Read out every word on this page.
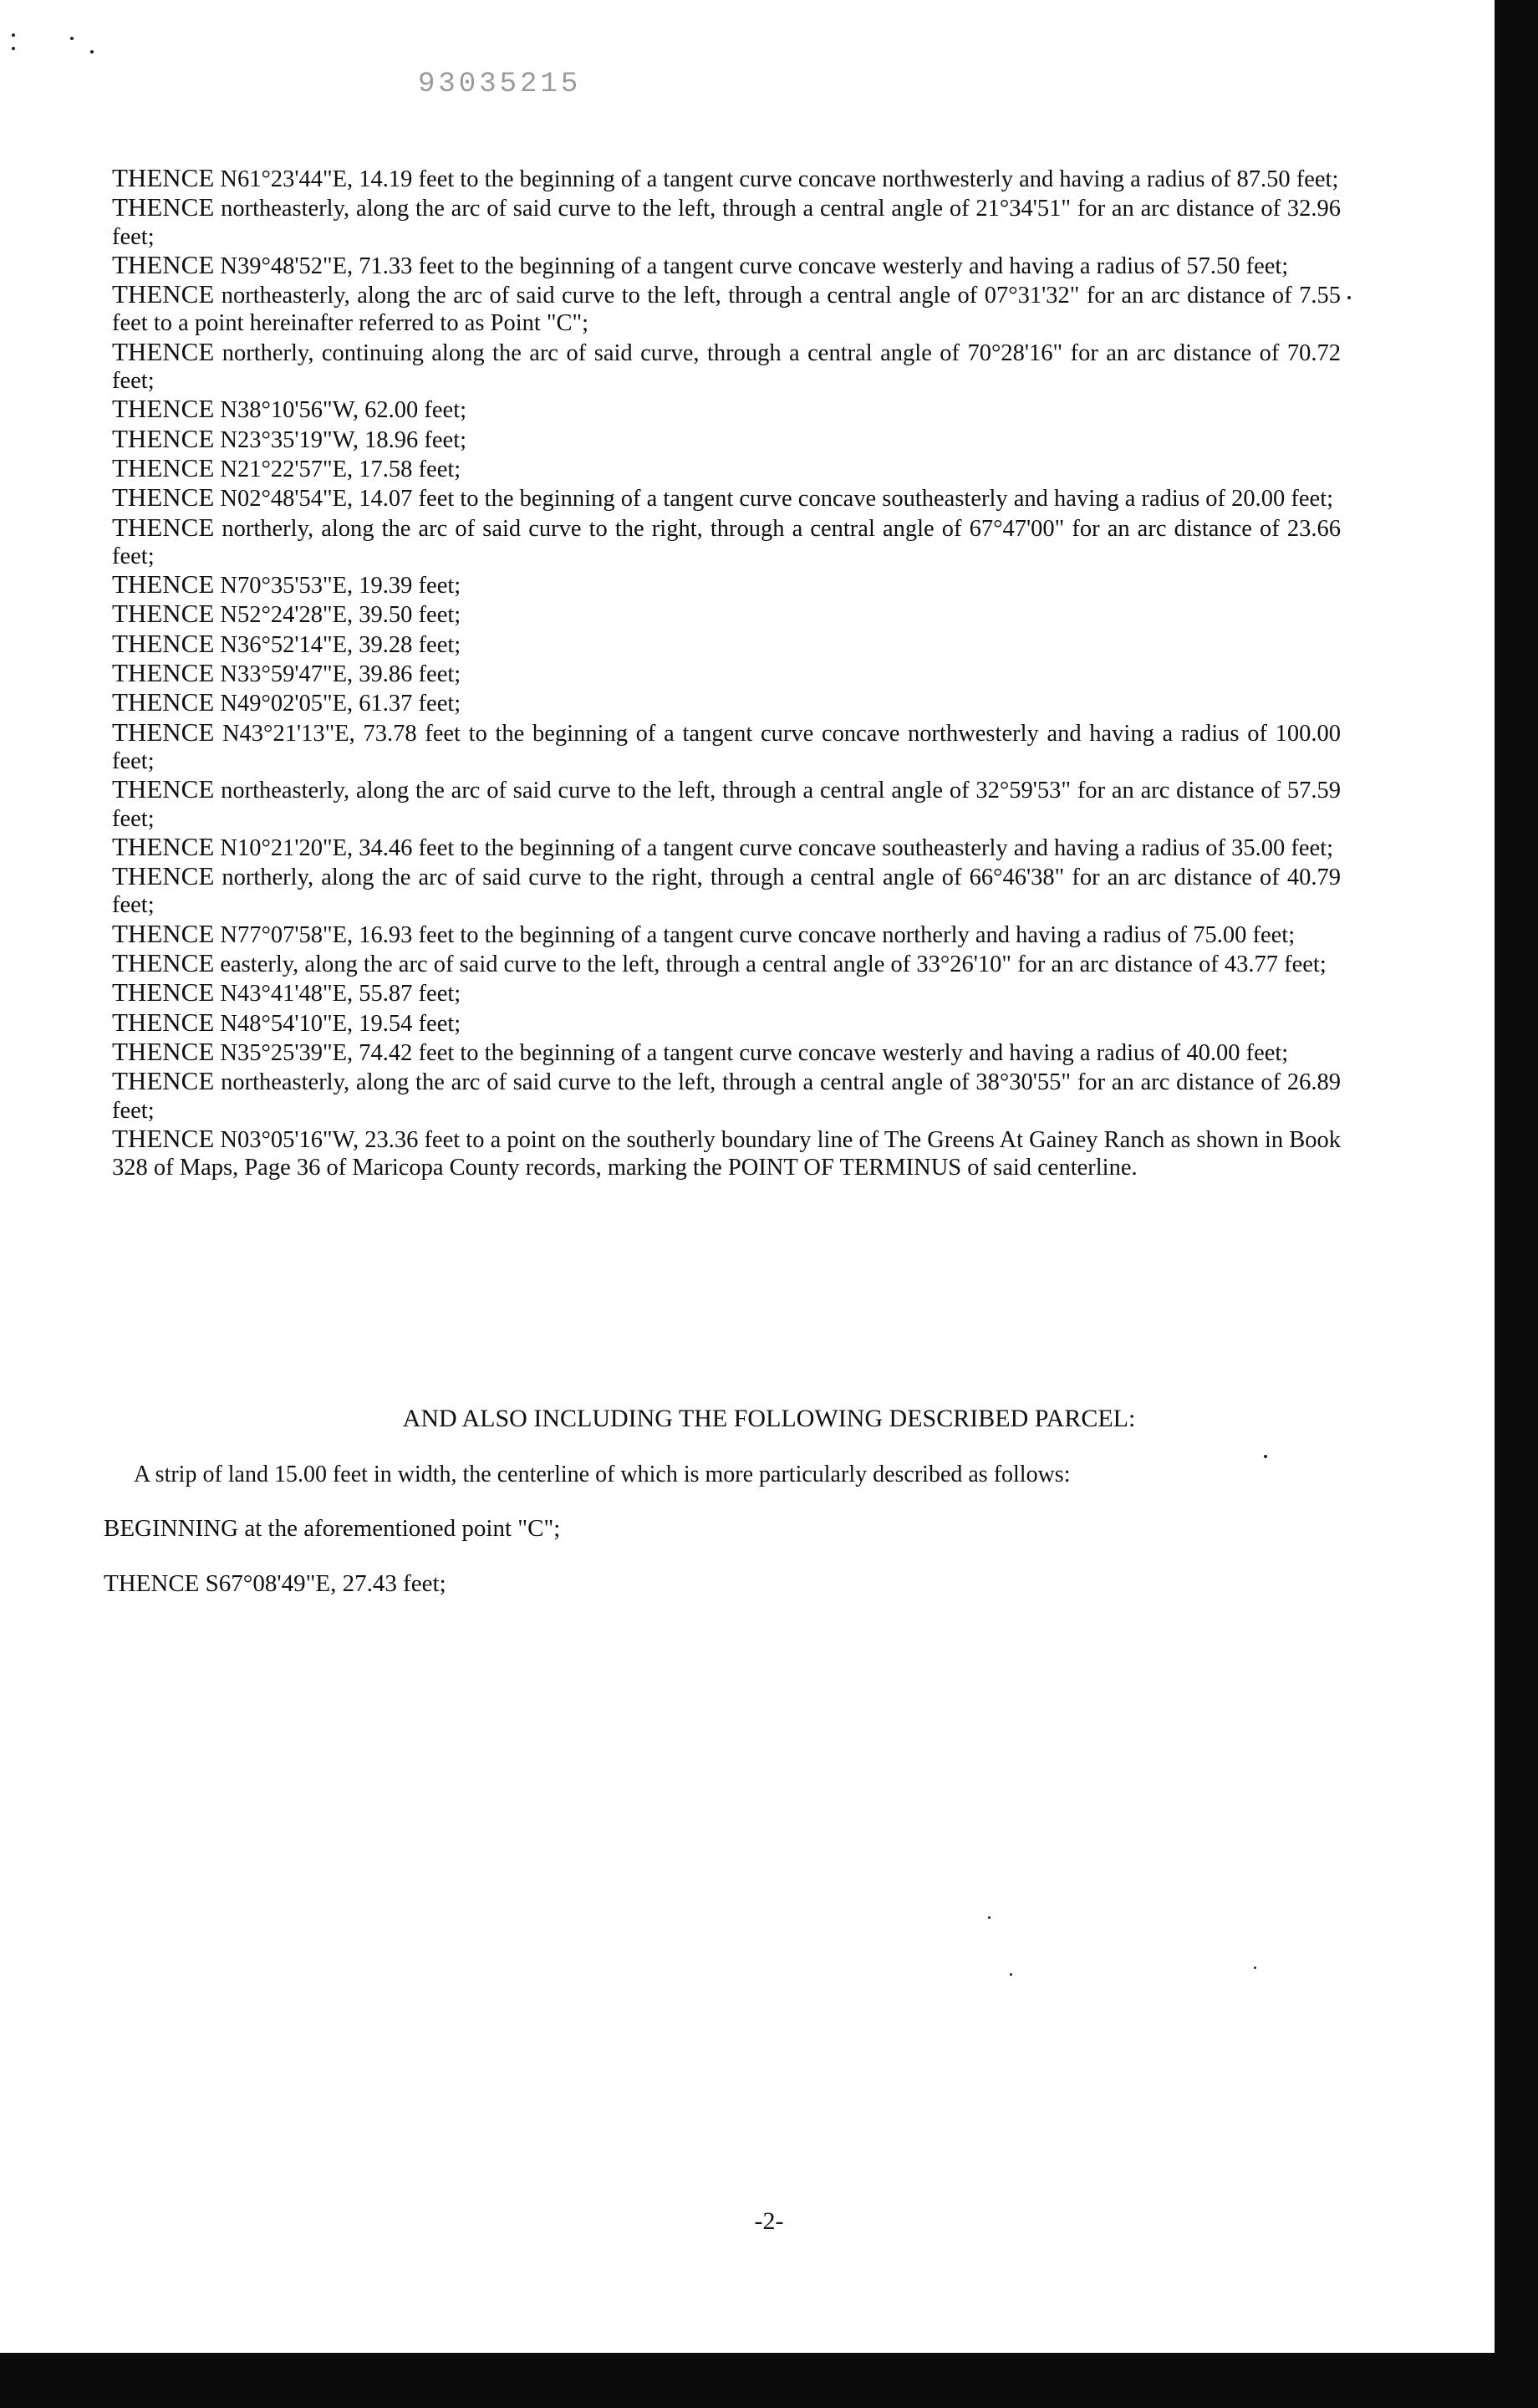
93035215

THENCE N61°23'44"E, 14.19 feet to the beginning of a tangent curve concave northwesterly and having a radius of 87.50 feet;

THENCE northeasterly, along the arc of said curve to the left, through a central angle of 21°34'51" for an arc distance of 32.96 feet;

THENCE N39°48'52"E, 71.33 feet to the beginning of a tangent curve concave westerly and having a radius of 57.50 feet;

THENCE northeasterly, along the arc of said curve to the left, through a central angle of 07°31'32" for an arc distance of 7.55 feet to a point hereinafter referred to as Point "C";

THENCE northerly, continuing along the arc of said curve, through a central angle of 70°28'16" for an arc distance of 70.72 feet;

THENCE N38°10'56"W, 62.00 feet;

THENCE N23°35'19"W, 18.96 feet;

THENCE N21°22'57"E, 17.58 feet;

THENCE N02°48'54"E, 14.07 feet to the beginning of a tangent curve concave southeasterly and having a radius of 20.00 feet;

THENCE northerly, along the arc of said curve to the right, through a central angle of 67°47'00" for an arc distance of 23.66 feet;

THENCE N70°35'53"E, 19.39 feet;

THENCE N52°24'28"E, 39.50 feet;

THENCE N36°52'14"E, 39.28 feet;

THENCE N33°59'47"E, 39.86 feet;

THENCE N49°02'05"E, 61.37 feet;

THENCE N43°21'13"E, 73.78 feet to the beginning of a tangent curve concave northwesterly and having a radius of 100.00 feet;

THENCE northeasterly, along the arc of said curve to the left, through a central angle of 32°59'53" for an arc distance of 57.59 feet;

THENCE N10°21'20"E, 34.46 feet to the beginning of a tangent curve concave southeasterly and having a radius of 35.00 feet;

THENCE northerly, along the arc of said curve to the right, through a central angle of 66°46'38" for an arc distance of 40.79 feet;

THENCE N77°07'58"E, 16.93 feet to the beginning of a tangent curve concave northerly and having a radius of 75.00 feet;

THENCE easterly, along the arc of said curve to the left, through a central angle of 33°26'10" for an arc distance of 43.77 feet;

THENCE N43°41'48"E, 55.87 feet;

THENCE N48°54'10"E, 19.54 feet;

THENCE N35°25'39"E, 74.42 feet to the beginning of a tangent curve concave westerly and having a radius of 40.00 feet;

THENCE northeasterly, along the arc of said curve to the left, through a central angle of 38°30'55" for an arc distance of 26.89 feet;

THENCE N03°05'16"W, 23.36 feet to a point on the southerly boundary line of The Greens At Gainey Ranch as shown in Book 328 of Maps, Page 36 of Maricopa County records, marking the POINT OF TERMINUS of said centerline.

AND ALSO INCLUDING THE FOLLOWING DESCRIBED PARCEL:
A strip of land 15.00 feet in width, the centerline of which is more particularly described as follows:
BEGINNING at the aforementioned point "C";
THENCE S67°08'49"E, 27.43 feet;
-2-
